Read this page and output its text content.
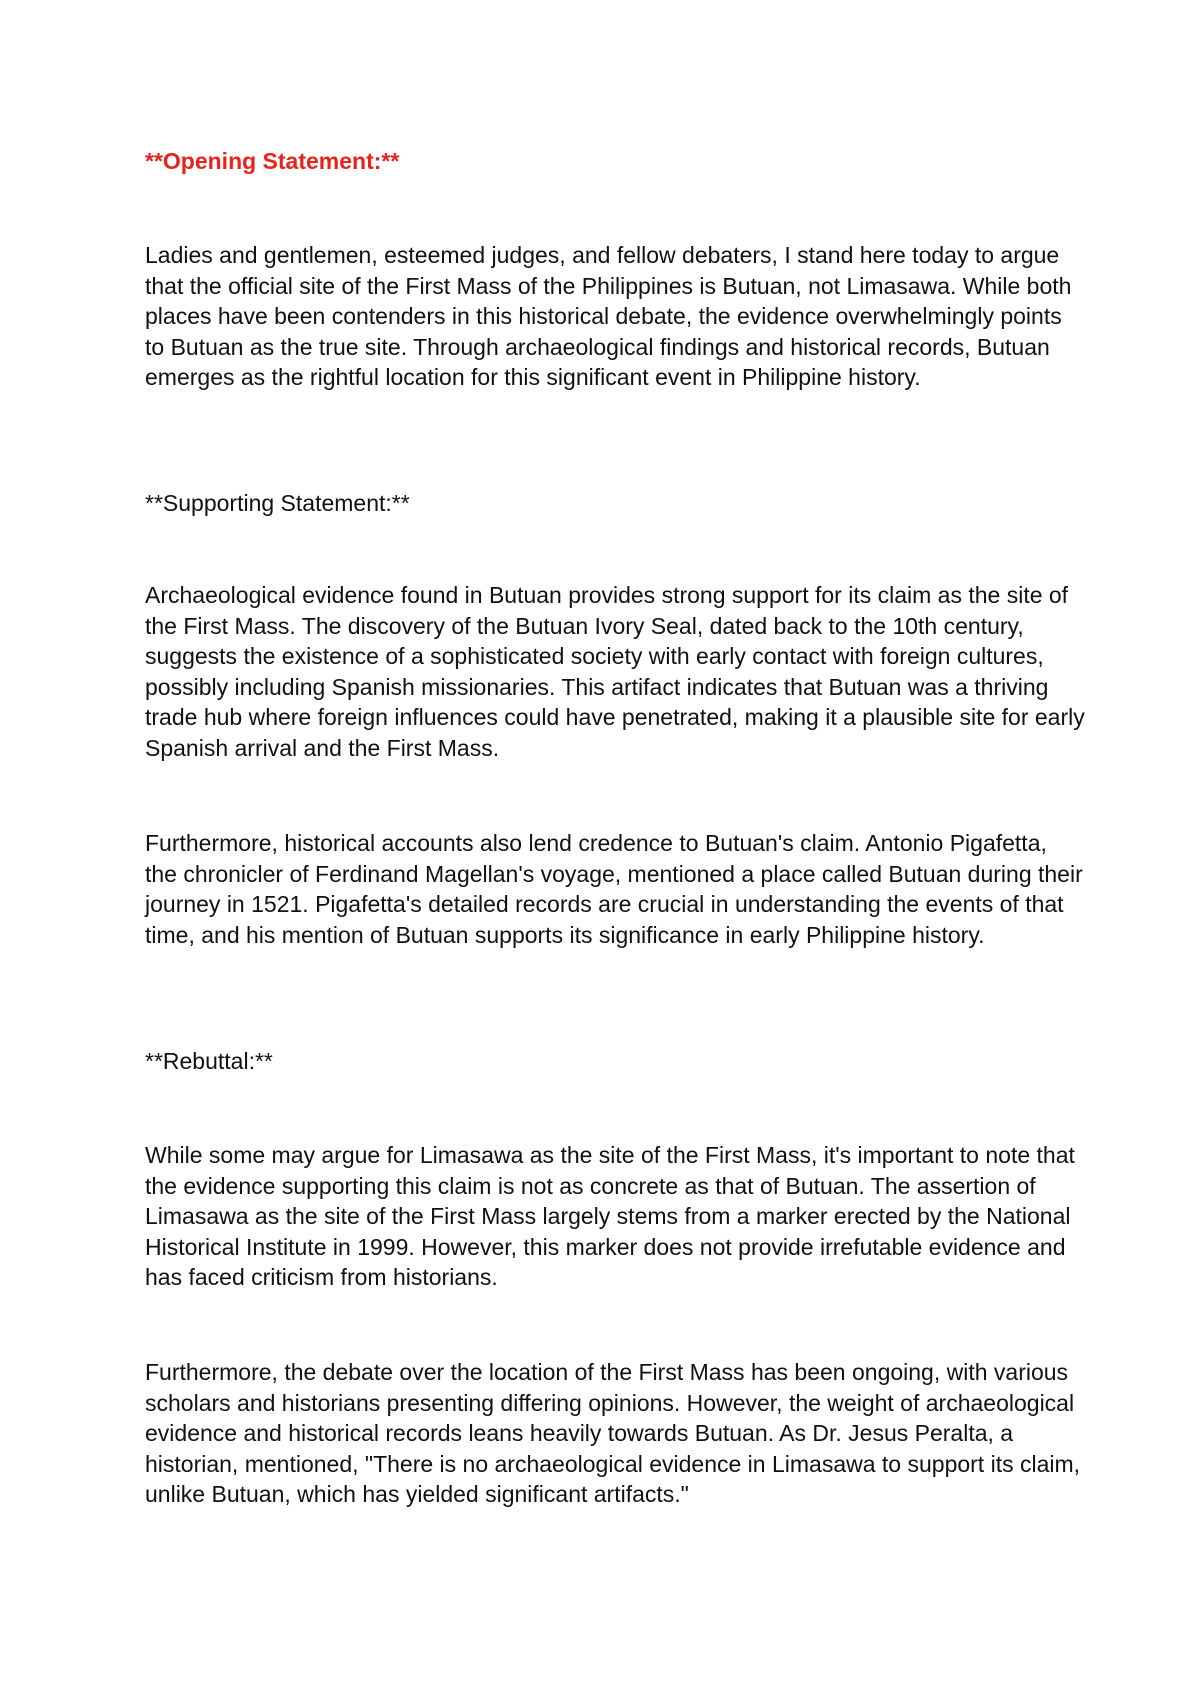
**Opening Statement:**

Ladies and gentlemen, esteemed judges, and fellow debaters, I stand here today to argue that the official site of the First Mass of the Philippines is Butuan, not Limasawa. While both places have been contenders in this historical debate, the evidence overwhelmingly points to Butuan as the true site. Through archaeological findings and historical records, Butuan emerges as the rightful location for this significant event in Philippine history.

**Supporting Statement:**

Archaeological evidence found in Butuan provides strong support for its claim as the site of the First Mass. The discovery of the Butuan Ivory Seal, dated back to the 10th century, suggests the existence of a sophisticated society with early contact with foreign cultures, possibly including Spanish missionaries. This artifact indicates that Butuan was a thriving trade hub where foreign influences could have penetrated, making it a plausible site for early Spanish arrival and the First Mass.

Furthermore, historical accounts also lend credence to Butuan's claim. Antonio Pigafetta, the chronicler of Ferdinand Magellan's voyage, mentioned a place called Butuan during their journey in 1521. Pigafetta's detailed records are crucial in understanding the events of that time, and his mention of Butuan supports its significance in early Philippine history.

**Rebuttal:**

While some may argue for Limasawa as the site of the First Mass, it's important to note that the evidence supporting this claim is not as concrete as that of Butuan. The assertion of Limasawa as the site of the First Mass largely stems from a marker erected by the National Historical Institute in 1999. However, this marker does not provide irrefutable evidence and has faced criticism from historians.

Furthermore, the debate over the location of the First Mass has been ongoing, with various scholars and historians presenting differing opinions. However, the weight of archaeological evidence and historical records leans heavily towards Butuan. As Dr. Jesus Peralta, a historian, mentioned, "There is no archaeological evidence in Limasawa to support its claim, unlike Butuan, which has yielded significant artifacts."
